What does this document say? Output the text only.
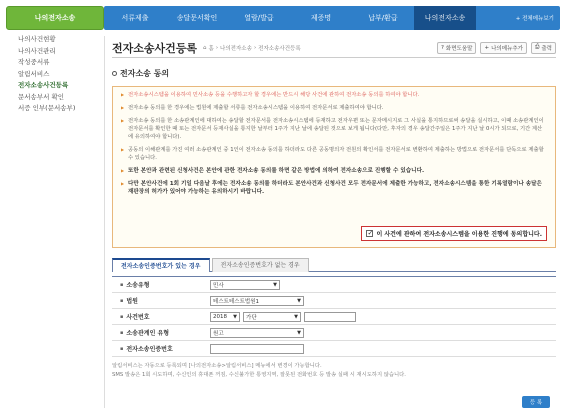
나의전자소송
나의사건현황
나의사건관리
작성중서류
알림서비스
전자소송사건등록
문서송부서 확인
서증 인부(문서송부)
서류제출	송달문서확인	열람/발급	제증명	납부/환급	나의전자소송	+ 전체메뉴보기
전자소송사건등록 ⌂ 홈 › 나의전자소송 › 전자소송사건등록	? 화면도움말 + 나의메뉴추가 ⎙ 출력
전자소송 동의

▶ 전자소송시스템을 이용하여 민사소송 등을 수행하고자 할 경우에는 반드시 해당 사건에 관하여 전자소송 동의를 하여야 합니다.

▶ 전자소송 동의를 한 경우에는 법원에 제출할 서류를 전자소송시스템을 이용하여 전자문서로 제출하여야 합니다.

▶ 전자소송 동의를 한 소송관계인에 대하여는 송달할 전자문서를 전자소송시스템에 등재하고 전자우편 또는 문자메시지로 그 사실을 통지하므로써 송달을 실시하고, 이때 소송관계인이 전자문서를 확인한 때 또는 전자문서 등재사실을 통지한 날부터 1주가 지난 날에 송달된 것으로 보게 됩니다(다만, 후자의 경우 송달간주일은 1주가 지난 날 0시가 되므로, 기간 계산에 유의하여야 합니다).

▶ 공동의 이해관계를 가진 여러 소송관계인 중 1인이 전자소송 동의를 하더라도 다른 공동명의자 전원의 확인서를 전자문서로 변환하여 제출하는 방법으로 전자문서를 단독으로 제출할 수 있습니다.

▶ 또한 본안과 관련된 신청사건은 본안에 관한 전자소송 동의를 하면 같은 방법에 의하여 전자소송으로 진행할 수 있습니다.

▶ 다만 본안사건에 1회 기일 다음날 후에는 전자소송 동의를 하더라도 본안사건과 신청사건 모두 전자문서에 제출한 가능하고, 전자소송시스템을 통한 기록열람이나 송달은 재판장의 허가가 있어야 가능하는 유의하시기 바랍니다.

✓
이 사건에 관하여 전자소송시스템을 이용한 진행에 동의합니다.
전자소송인증번호가 있는 경우	전자소송인증번호가 없는 경우
▪ 소송유형	민사	▼
▪ 법원	테스트테스트법원1	▼
▪ 사건번호	2018 ▼ 가단	▼
▪ 소송관계인 유형	원고	▼
▪ 전자소송인증번호

알림서비스는 자동으로 등록되며 [나의전자소송>알림서비스] 메뉴에서 변경이 가능합니다.

SMS 발송은 1회 시도하며, 수신인의 휴대폰 꺼짐, 수신불가한 통영지역, 잘못된 전화번호 등 발송 실패 시 재시도하지 않습니다.

등 록
